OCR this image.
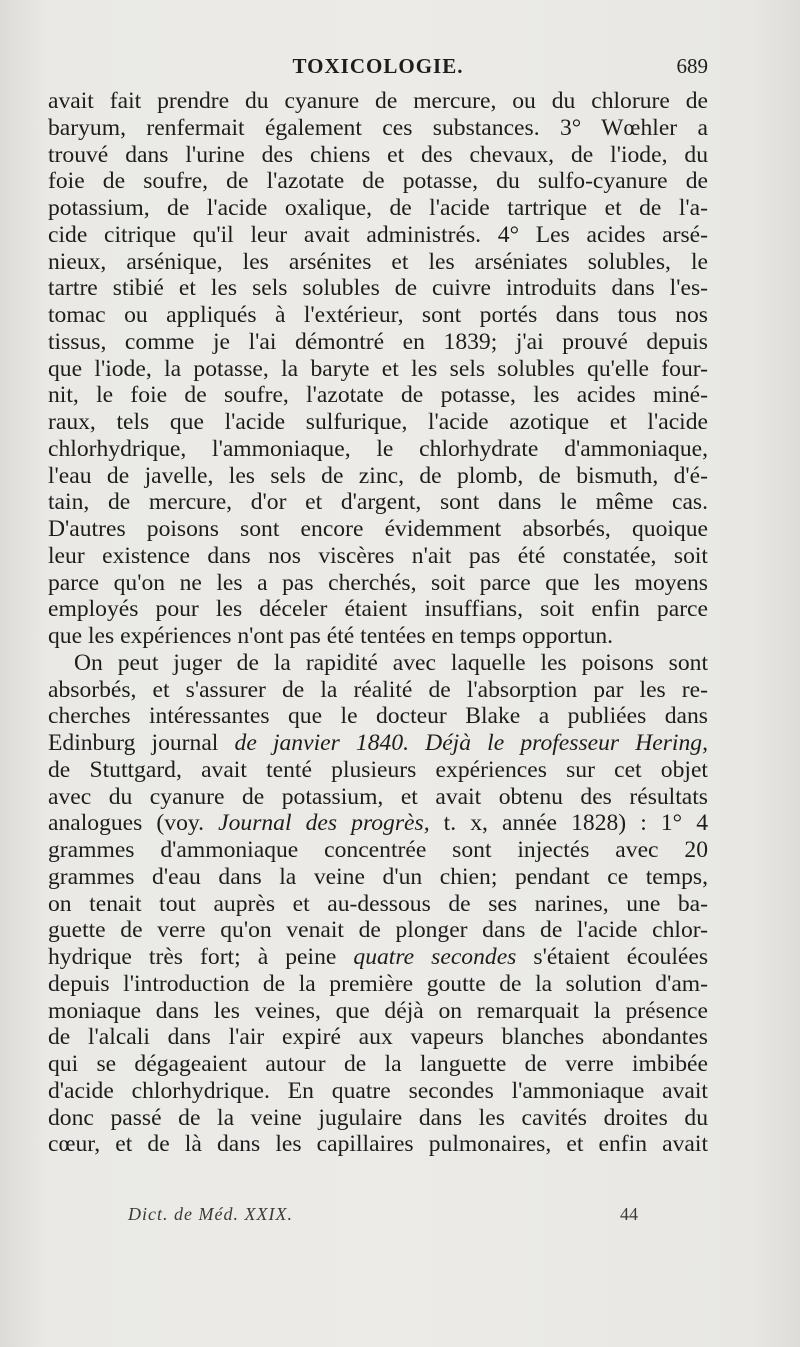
TOXICOLOGIE.	689
avait fait prendre du cyanure de mercure, ou du chlorure de
baryum, renfermait également ces substances. 3° Wœhler a
trouvé dans l'urine des chiens et des chevaux, de l'iode, du
foie de soufre, de l'azotate de potasse, du sulfo-cyanure de
potassium, de l'acide oxalique, de l'acide tartrique et de l'a-
cide citrique qu'il leur avait administrés. 4° Les acides arsé-
nieux, arsénique, les arsénites et les arséniates solubles, le
tartre stibié et les sels solubles de cuivre introduits dans l'es-
tomac ou appliqués à l'extérieur, sont portés dans tous nos
tissus, comme je l'ai démontré en 1839; j'ai prouvé depuis
que l'iode, la potasse, la baryte et les sels solubles qu'elle four-
nit, le foie de soufre, l'azotate de potasse, les acides miné-
raux, tels que l'acide sulfurique, l'acide azotique et l'acide
chlorhydrique, l'ammoniaque, le chlorhydrate d'ammoniaque,
l'eau de javelle, les sels de zinc, de plomb, de bismuth, d'é-
tain, de mercure, d'or et d'argent, sont dans le même cas.
D'autres poisons sont encore évidemment absorbés, quoique
leur existence dans nos viscères n'ait pas été constatée, soit
parce qu'on ne les a pas cherchés, soit parce que les moyens
employés pour les déceler étaient insuffians, soit enfin parce
que les expériences n'ont pas été tentées en temps opportun.
On peut juger de la rapidité avec laquelle les poisons sont
absorbés, et s'assurer de la réalité de l'absorption par les re-
cherches intéressantes que le docteur Blake a publiées dans
Edinburg journal de janvier 1840. Déjà le professeur Hering,
de Stuttgard, avait tenté plusieurs expériences sur cet objet
avec du cyanure de potassium, et avait obtenu des résultats
analogues (voy. Journal des progrès, t. x, année 1828) : 1° 4
grammes d'ammoniaque concentrée sont injectés avec 20
grammes d'eau dans la veine d'un chien; pendant ce temps,
on tenait tout auprès et au-dessous de ses narines, une ba-
guette de verre qu'on venait de plonger dans de l'acide chlor-
hydrique très fort; à peine quatre secondes s'étaient écoulées
depuis l'introduction de la première goutte de la solution d'am-
moniaque dans les veines, que déjà on remarquait la présence
de l'alcali dans l'air expiré aux vapeurs blanches abondantes
qui se dégageaient autour de la languette de verre imbibée
d'acide chlorhydrique. En quatre secondes l'ammoniaque avait
donc passé de la veine jugulaire dans les cavités droites du
cœur, et de là dans les capillaires pulmonaires, et enfin avait
Dict. de Méd. XXIX.	44
